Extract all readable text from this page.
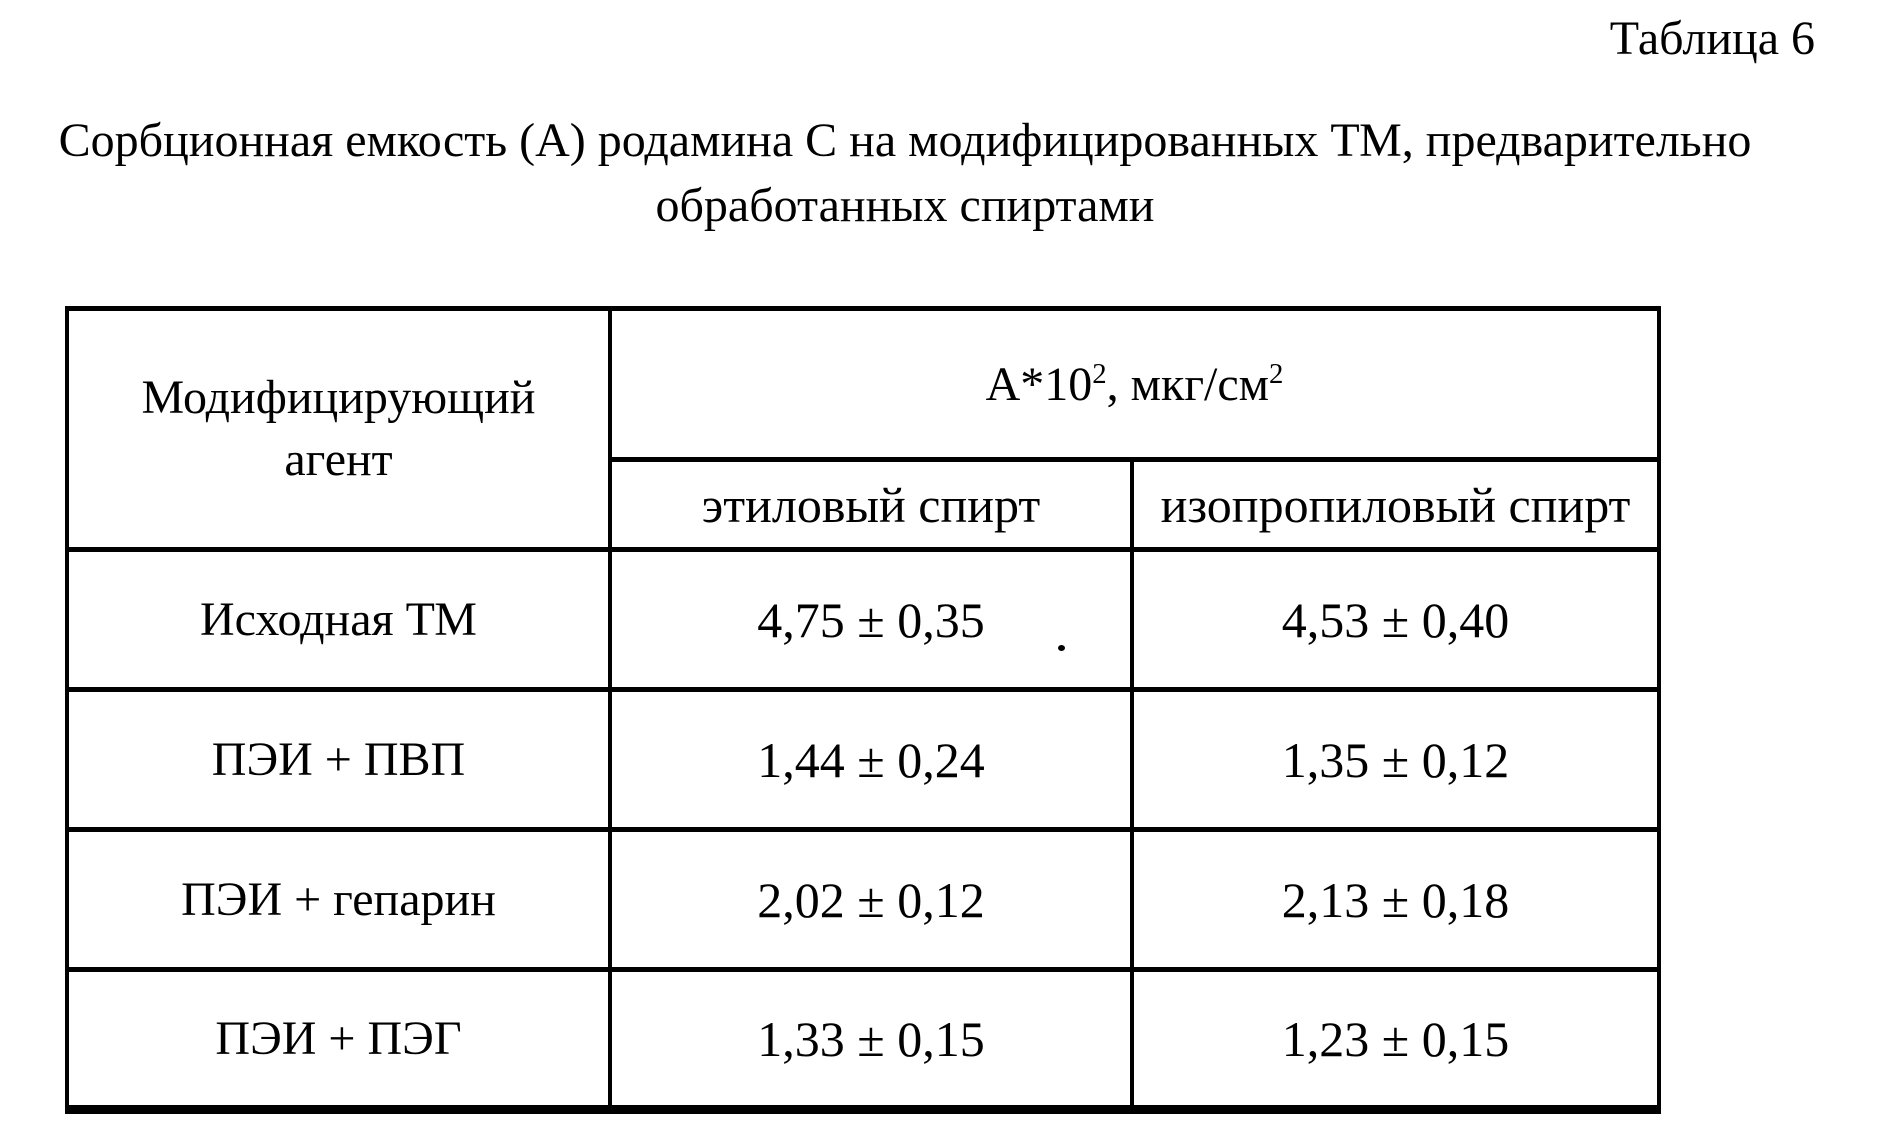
Таблица 6
Сорбционная емкость (А) родамина С на модифицированных ТМ, предварительно
обработанных спиртами
Модифицирующий
агент	$А*10^2$, мкг/$см^2$
	этиловый спирт	изопропиловый спирт
Исходная ТМ	4,75 ± 0,35	4,53 ± 0,40
ПЭИ + ПВП	1,44 ± 0,24	1,35 ± 0,12
ПЭИ + гепарин	2,02 ± 0,12	2,13 ± 0,18
ПЭИ + ПЭГ	1,33 ± 0,15	1,23 ± 0,15
